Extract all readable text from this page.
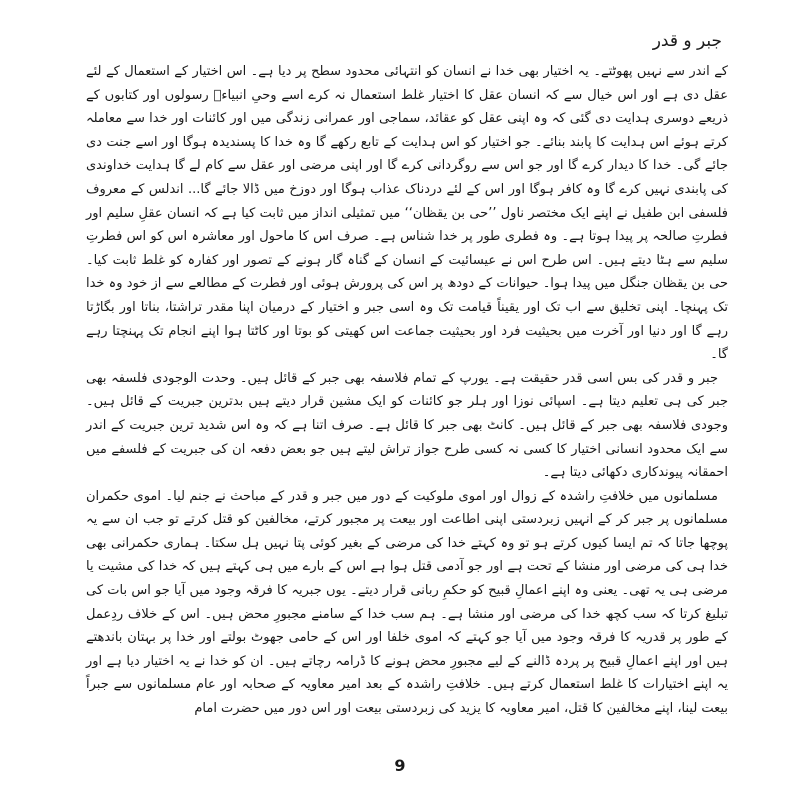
جبر و قدر

کے اندر سے نہیں پھوٹتے۔ یہ اختیار بھی خدا نے انسان کو انتہائی محدود سطح پر دیا ہے۔ اس اختیار کے استعمال کے لئے عقل دی ہے اور اس خیال سے کہ انسان عقل کا اختیار غلط استعمال نہ کرے اسے وحیِ انبیاءؑ رسولوں اور کتابوں کے ذریعے دوسری ہدایت دی گئی کہ وہ اپنی عقل کو عقائد، سماجی اور عمرانی زندگی میں اور کائنات اور خدا سے معاملہ کرتے ہوئے اس ہدایت کا پابند بنائے۔ جو اختیار کو اس ہدایت کے تابع رکھے گا وہ خدا کا پسندیدہ ہوگا اور اسے جنت دی جائے گی۔ خدا کا دیدار کرے گا اور جو اس سے روگردانی کرے گا اور اپنی مرضی اور عقل سے کام لے گا ہدایت خداوندی کی پابندی نہیں کرے گا وہ کافر ہوگا اور اس کے لئے دردناک عذاب ہوگا اور دوزخ میں ڈالا جائے گا... اندلس کے معروف فلسفی ابن طفیل نے اپنے ایک مختصر ناول ’’حی بن یقظان‘‘ میں تمثیلی انداز میں ثابت کیا ہے کہ انسان عقلِ سلیم اور فطرتِ صالحہ پر پیدا ہوتا ہے۔ وہ فطری طور پر خدا شناس ہے۔ صرف اس کا ماحول اور معاشرہ اس کو اس فطرتِ سلیم سے ہٹا دیتے ہیں۔ اس طرح اس نے عیسائیت کے انسان کے گناہ گار ہونے کے تصور اور کفارہ کو غلط ثابت کیا۔ حی بن یقظان جنگل میں پیدا ہوا۔ حیوانات کے دودھ پر اس کی پرورش ہوئی اور فطرت کے مطالعے سے از خود وہ خدا تک پہنچا۔ اپنی تخلیق سے اب تک اور یقیناً قیامت تک وہ اسی جبر و اختیار کے درمیان اپنا مقدر تراشتا، بناتا اور بگاڑتا رہے گا اور دنیا اور آخرت میں بحیثیت فرد اور بحیثیت جماعت اس کھیتی کو بوتا اور کاٹتا ہوا اپنے انجام تک پہنچتا رہے گا۔

جبر و قدر کی بس اسی قدر حقیقت ہے۔ یورپ کے تمام فلاسفہ بھی جبر کے قائل ہیں۔ وحدت الوجودی فلسفہ بھی جبر کی ہی تعلیم دیتا ہے۔ اسپائی نوزا اور ہلر جو کائنات کو ایک مشین قرار دیتے ہیں بدترین جبریت کے قائل ہیں۔ وجودی فلاسفہ بھی جبر کے قائل ہیں۔ کانٹ بھی جبر کا قائل ہے۔ صرف اتنا ہے کہ وہ اس شدید ترین جبریت کے اندر سے ایک محدود انسانی اختیار کا کسی نہ کسی طرح جواز تراش لیتے ہیں جو بعض دفعہ ان کی جبریت کے فلسفے میں احمقانہ پیوندکاری دکھائی دیتا ہے۔

مسلمانوں میں خلافتِ راشدہ کے زوال اور اموی ملوکیت کے دور میں جبر و قدر کے مباحث نے جنم لیا۔ اموی حکمران مسلمانوں پر جبر کر کے انہیں زبردستی اپنی اطاعت اور بیعت پر مجبور کرتے، مخالفین کو قتل کرتے تو جب ان سے یہ پوچھا جاتا کہ تم ایسا کیوں کرتے ہو تو وہ کہتے خدا کی مرضی کے بغیر کوئی پتا نہیں ہل سکتا۔ ہماری حکمرانی بھی خدا ہی کی مرضی اور منشا کے تحت ہے اور جو آدمی قتل ہوا ہے اس کے بارے میں ہی کہتے ہیں کہ خدا کی مشیت یا مرضی ہی یہ تھی۔ یعنی وہ اپنے اعمالِ قبیح کو حکمِ ربانی قرار دیتے۔ یوں جبریہ کا فرقہ وجود میں آیا جو اس بات کی تبلیغ کرتا کہ سب کچھ خدا کی مرضی اور منشا ہے۔ ہم سب خدا کے سامنے مجبورِ محض ہیں۔ اس کے خلاف ردِعمل کے طور پر قدریہ کا فرقہ وجود میں آیا جو کہتے کہ اموی خلفا اور اس کے حامی جھوٹ بولتے اور خدا پر بہتان باندھتے ہیں اور اپنے اعمالِ قبیح پر پردہ ڈالنے کے لیے مجبورِ محض ہونے کا ڈرامہ رچاتے ہیں۔ ان کو خدا نے یہ اختیار دیا ہے اور یہ اپنے اختیارات کا غلط استعمال کرتے ہیں۔ خلافتِ راشدہ کے بعد امیر معاویہ کے صحابہ اور عام مسلمانوں سے جبراً بیعت لینا، اپنے مخالفین کا قتل، امیر معاویہ کا یزید کی زبردستی بیعت اور اس دور میں حضرت امام

9
